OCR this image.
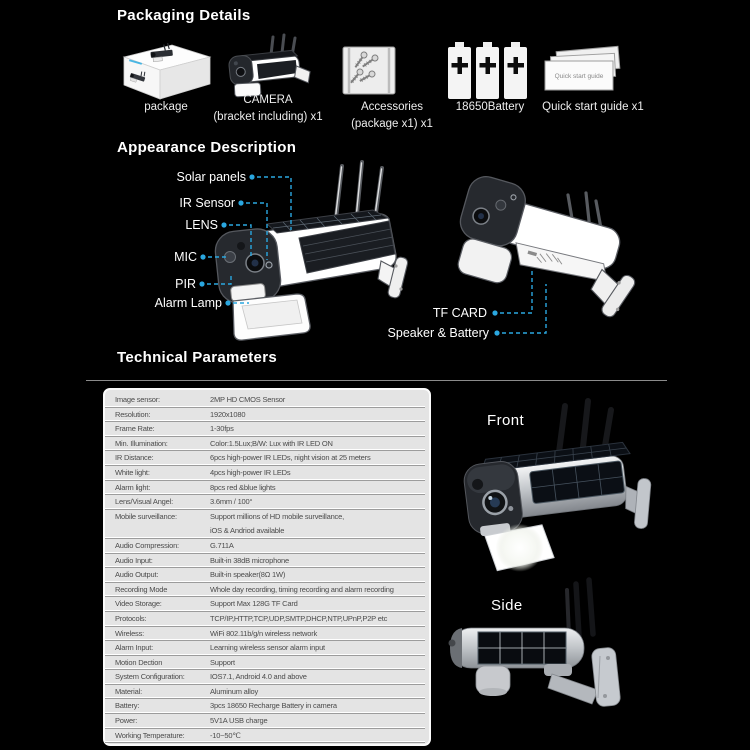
Packaging Details
package
CAMERA
(bracket including) x1
Accessories
(package x1) x1
18650Battery
Quick start guide
Quick start guide x1
Appearance Description
Solar panels
IR Sensor
LENS
MIC
PIR
Alarm Lamp
TF CARD
Speaker & Battery
Technical Parameters
Image sensor:	2MP HD CMOS Sensor
Resolution:	1920x1080
Frame Rate:	1-30fps
Min. Illumination:	Color:1.5Lux;B/W: Lux with IR LED ON
IR Distance:	6pcs high-power IR LEDs, night vision at 25 meters
White light:	4pcs high-power IR LEDs
Alarm light:	8pcs red &blue lights
Lens/Visual Angel:	3.6mm / 100°
Mobile surveillance:	Support millions of HD mobile surveillance,
iOS & Andriod available
Audio Compression:	G.711A
Audio Input:	Built-in 38dB microphone
Audio Output:	Built-in speaker(8Ω 1W)
Recording Mode	Whole day recording, timing recording and alarm recording
Video Storage:	Support Max 128G TF Card
Protocols:	TCP/IP,HTTP,TCP,UDP,SMTP,DHCP,NTP,UPnP,P2P etc
Wireless:	WiFi 802.11b/g/n wireless network
Alarm Input:	Learning wireless sensor alarm input
Motion Dection	Support
System Configuration:	IOS7.1, Android 4.0 and above
Material:	Aluminum alloy
Battery:	3pcs 18650 Recharge Battery in camera
Power:	5V1A USB charge
Working Temperature:	-10~50℃
Front
Side
